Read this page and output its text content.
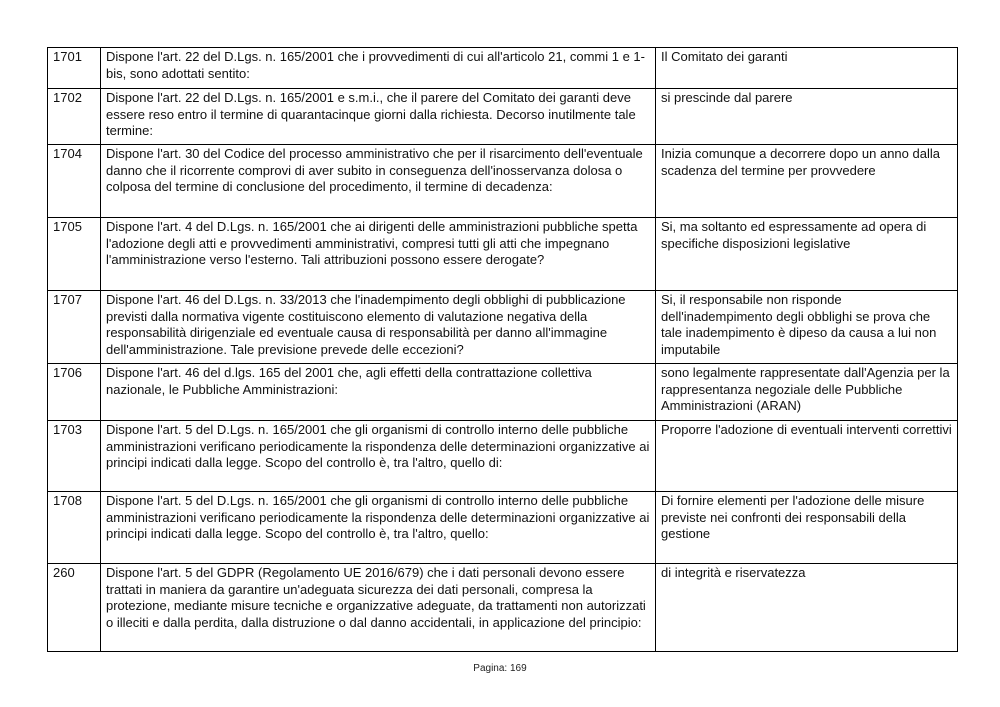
1701	Dispone l'art. 22 del D.Lgs. n. 165/2001 che i provvedimenti di cui all'articolo 21, commi 1 e 1-bis, sono adottati sentito:	Il Comitato dei garanti
1702	Dispone l'art. 22 del D.Lgs. n. 165/2001 e s.m.i., che il parere del Comitato dei garanti deve essere reso entro il termine di quarantacinque giorni dalla richiesta. Decorso inutilmente tale termine:	si prescinde dal parere
1704	Dispone l'art. 30 del Codice del processo amministrativo che per il risarcimento dell'eventuale danno che il ricorrente comprovi di aver subito in conseguenza dell'inosservanza dolosa o colposa del termine di conclusione del procedimento, il termine di decadenza:	Inizia comunque a decorrere dopo un anno dalla scadenza del termine per provvedere
1705	Dispone l'art. 4 del D.Lgs. n. 165/2001 che ai dirigenti delle amministrazioni pubbliche spetta l'adozione degli atti e provvedimenti amministrativi, compresi tutti gli atti che impegnano l'amministrazione verso l'esterno. Tali attribuzioni possono essere derogate?	Si, ma soltanto ed espressamente ad opera di specifiche disposizioni legislative
1707	Dispone l'art. 46 del D.Lgs. n. 33/2013 che l'inadempimento degli obblighi di pubblicazione previsti dalla normativa vigente costituiscono elemento di valutazione negativa della responsabilità dirigenziale ed eventuale causa di responsabilità per danno all'immagine dell'amministrazione. Tale previsione prevede delle eccezioni?	Si, il responsabile non risponde dell'inadempimento degli obblighi se prova che tale inadempimento è dipeso da causa a lui non imputabile
1706	Dispone l'art. 46 del d.lgs. 165 del 2001 che, agli effetti della contrattazione collettiva nazionale, le Pubbliche Amministrazioni:	sono legalmente rappresentate dall'Agenzia per la rappresentanza negoziale delle Pubbliche Amministrazioni (ARAN)
1703	Dispone l'art. 5 del D.Lgs. n. 165/2001 che gli organismi di controllo interno delle pubbliche amministrazioni verificano periodicamente la rispondenza delle determinazioni organizzative ai principi indicati dalla legge. Scopo del controllo è, tra l'altro, quello di:	Proporre l'adozione di eventuali interventi correttivi
1708	Dispone l'art. 5 del D.Lgs. n. 165/2001 che gli organismi di controllo interno delle pubbliche amministrazioni verificano periodicamente la rispondenza delle determinazioni organizzative ai principi indicati dalla legge. Scopo del controllo è, tra l'altro, quello:	Di fornire elementi per l'adozione delle misure previste nei confronti dei responsabili della gestione
260	Dispone l'art. 5 del GDPR (Regolamento UE 2016/679) che i dati personali devono essere trattati in maniera da garantire un'adeguata sicurezza dei dati personali, compresa la protezione, mediante misure tecniche e organizzative adeguate, da trattamenti non autorizzati o illeciti e dalla perdita, dalla distruzione o dal danno accidentali, in applicazione del principio:	di integrità e riservatezza
Pagina: 169
